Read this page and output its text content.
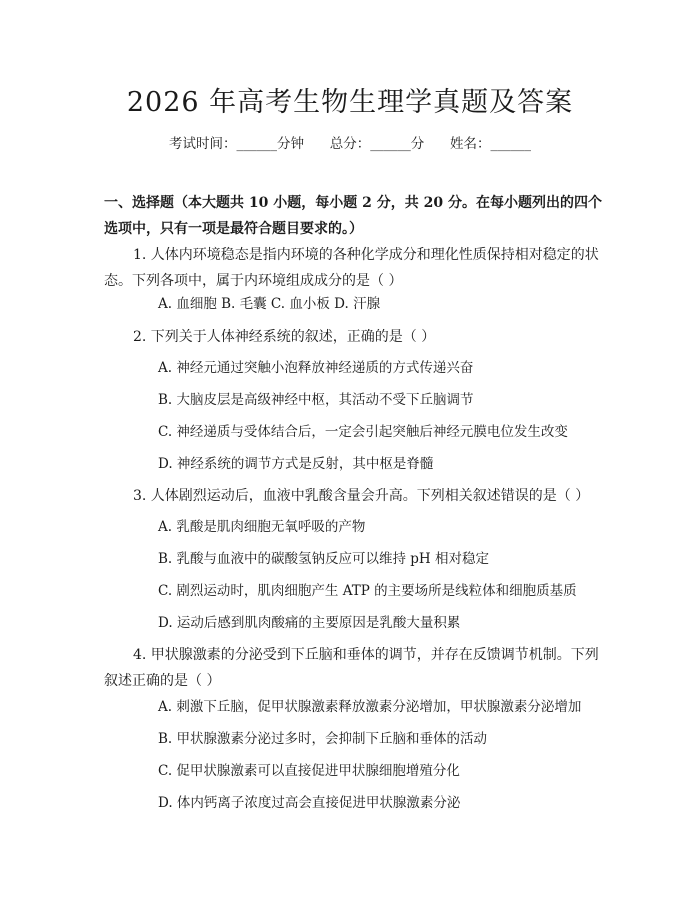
2026 年高考生物生理学真题及答案
考试时间：______分钟      总分：______分      姓名：______
一、选择题（本大题共 10 小题，每小题 2 分，共 20 分。在每小题列出的四个选项中，只有一项是最符合题目要求的。）
1. 人体内环境稳态是指内环境的各种化学成分和理化性质保持相对稳定的状态。下列各项中，属于内环境组成成分的是（ ）
A. 血细胞 B. 毛囊 C. 血小板 D. 汗腺
2. 下列关于人体神经系统的叙述，正确的是（ ）
A. 神经元通过突触小泡释放神经递质的方式传递兴奋
B. 大脑皮层是高级神经中枢，其活动不受下丘脑调节
C. 神经递质与受体结合后，一定会引起突触后神经元膜电位发生改变
D. 神经系统的调节方式是反射，其中枢是脊髓
3. 人体剧烈运动后，血液中乳酸含量会升高。下列相关叙述错误的是（ ）
A. 乳酸是肌肉细胞无氧呼吸的产物
B. 乳酸与血液中的碳酸氢钠反应可以维持 pH 相对稳定
C. 剧烈运动时，肌肉细胞产生 ATP 的主要场所是线粒体和细胞质基质
D. 运动后感到肌肉酸痛的主要原因是乳酸大量积累
4. 甲状腺激素的分泌受到下丘脑和垂体的调节，并存在反馈调节机制。下列叙述正确的是（ ）
A. 刺激下丘脑，促甲状腺激素释放激素分泌增加，甲状腺激素分泌增加
B. 甲状腺激素分泌过多时，会抑制下丘脑和垂体的活动
C. 促甲状腺激素可以直接促进甲状腺细胞增殖分化
D. 体内钙离子浓度过高会直接促进甲状腺激素分泌
